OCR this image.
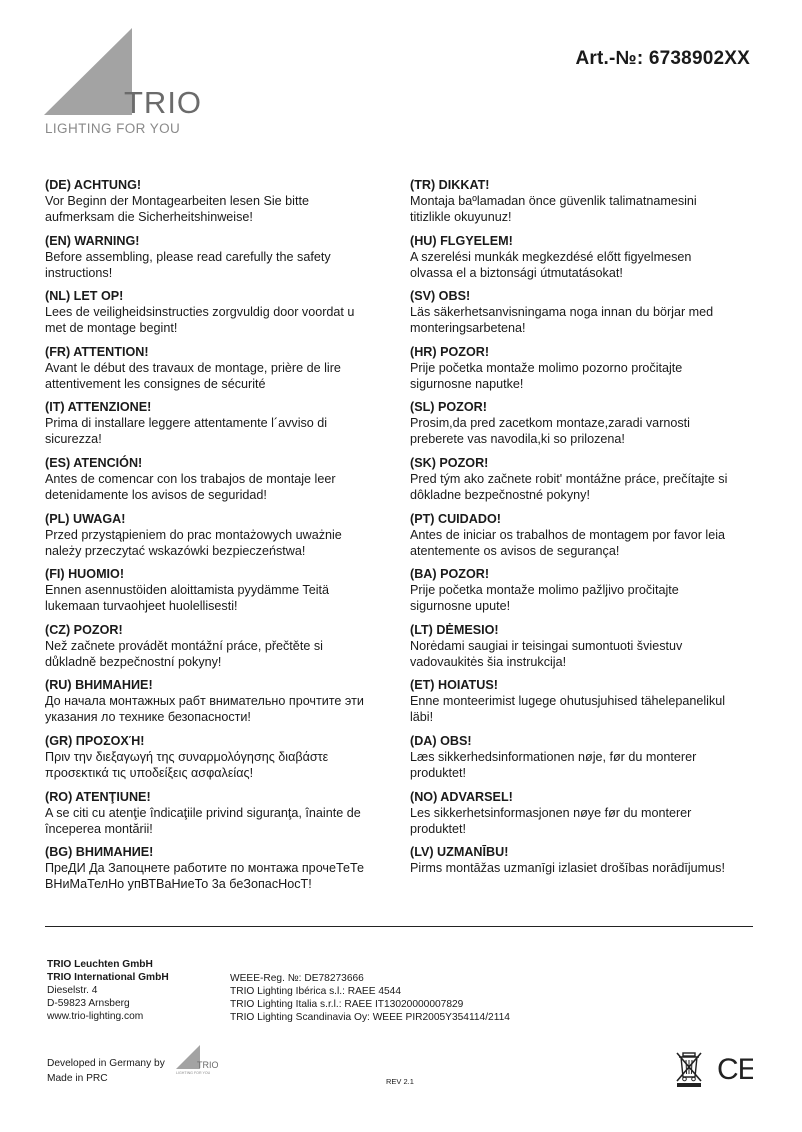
TRIO
LIGHTING FOR YOU
Art.-№: 6738902XX
(DE) ACHTUNG!
Vor Beginn der Montagearbeiten lesen Sie bitte
aufmerksam die Sicherheitshinweise!
(EN) WARNING!
Before assembling, please read carefully the safety
instructions!
(NL) LET OP!
Lees de veiligheidsinstructies zorgvuldig door voordat u
met de montage begint!
(FR) ATTENTION!
Avant le début des travaux de montage, prière de lire
attentivement les consignes de sécurité
(IT) ATTENZIONE!
Prima di installare leggere attentamente l´avviso di
sicurezza!
(ES) ATENCIÓN!
Antes de comencar con los trabajos de montaje leer
detenidamente los avisos de seguridad!
(PL) UWAGA!
Przed przystąpieniem do prac montażowych uważnie
należy przeczytać wskazówki bezpieczeństwa!
(FI) HUOMIO!
Ennen asennustöiden aloittamista pyydämme Teitä
lukemaan turvaohjeet huolellisesti!
(CZ) POZOR!
Než začnete provádět montážní práce, přečtěte si
důkladně bezpečnostní pokyny!
(RU) ВНИМАНИЕ!
До начала монтажных рабт внимательно прочтите эти
указания ло технике безопасности!
(GR) ΠΡΟΣΟΧΉ!
Πριν την διεξαγωγή της συναρμολόγησης διαβάστε
προσεκτικά τις υποδείξεις ασφαλείας!
(RO) ATENŢIUNE!
A se citi cu atenţie îndicaţiile privind siguranţa, înainte de
începerea montării!
(BG) ВНИМАНИЕ!
ПреДИ Да Запоцнете работите по монтажа прочеТеТе
ВНиМаТелНо упВТВаНиеТо 3а беЗопасНосТ!
(TR) DIKKAT!
Montaja baºlamadan önce güvenlik talimatnamesini
titizlikle okuyunuz!
(HU) FLGYELEM!
A szerelési munkák megkezdésé előtt figyelmesen
olvassa el a biztonsági útmutatásokat!
(SV) OBS!
Läs säkerhetsanvisningama noga innan du börjar med
monteringsarbetena!
(HR) POZOR!
Prije početka montaže molimo pozorno pročitajte
sigurnosne naputke!
(SL) POZOR!
Prosim,da pred zacetkom montaze,zaradi varnosti
preberete vas navodila,ki so prilozena!
(SK) POZOR!
Pred tým ako začnete robit' montážne práce, prečítajte si
dôkladne bezpečnostné pokyny!
(PT) CUIDADO!
Antes de iniciar os trabalhos de montagem por favor leia
atentemente os avisos de segurança!
(BA) POZOR!
Prije početka montaže molimo pažljivo pročitajte
sigurnosne upute!
(LT) DĖMESIO!
Norėdami saugiai ir teisingai sumontuoti šviestuv
vadovaukitės šia instrukcija!
(ET) HOIATUS!
Enne monteerimist lugege ohutusjuhised tähelepanelikul
läbi!
(DA) OBS!
Læs sikkerhedsinformationen nøje, før du monterer
produktet!
(NO) ADVARSEL!
Les sikkerhetsinformasjonen nøye før du monterer
produktet!
(LV) UZMANĪBU!
Pirms montāžas uzmanīgi izlasiet drošības norādījumus!
TRIO Leuchten GmbH
TRIO International GmbH
Dieselstr. 4
D-59823 Arnsberg
www.trio-lighting.com
WEEE-Reg. №: DE78273666
TRIO Lighting Ibérica s.l.: RAEE 4544
TRIO Lighting Italia s.r.l.: RAEE IT13020000007829
TRIO Lighting Scandinavia Oy: WEEE PIR2005Y354114/2114
Developed in Germany by
Made in PRC
TRIO
LIGHTING FOR YOU
REV 2.1	CE
